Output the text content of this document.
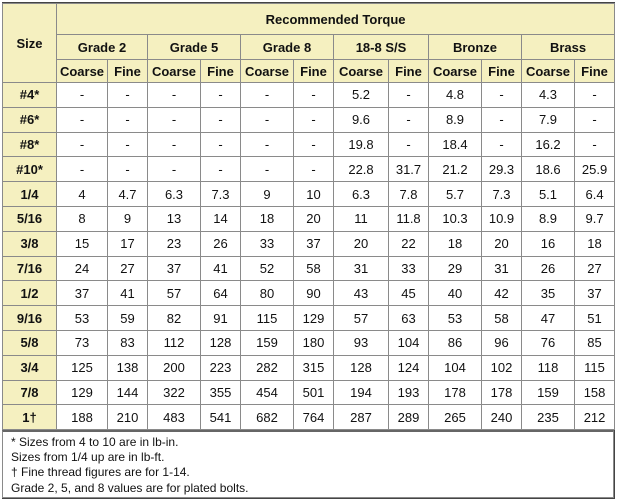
Size	Recommended Torque											
	Grade 2		Grade 5		Grade 8		18-8 S/S		Bronze		Brass	
	Coarse	Fine	Coarse	Fine	Coarse	Fine	Coarse	Fine	Coarse	Fine	Coarse	Fine
#4*	-	-	-	-	-	-	5.2	-	4.8	-	4.3	-
#6*	-	-	-	-	-	-	9.6	-	8.9	-	7.9	-
#8*	-	-	-	-	-	-	19.8	-	18.4	-	16.2	-
#10*	-	-	-	-	-	-	22.8	31.7	21.2	29.3	18.6	25.9
1/4	4	4.7	6.3	7.3	9	10	6.3	7.8	5.7	7.3	5.1	6.4
5/16	8	9	13	14	18	20	11	11.8	10.3	10.9	8.9	9.7
3/8	15	17	23	26	33	37	20	22	18	20	16	18
7/16	24	27	37	41	52	58	31	33	29	31	26	27
1/2	37	41	57	64	80	90	43	45	40	42	35	37
9/16	53	59	82	91	115	129	57	63	53	58	47	51
5/8	73	83	112	128	159	180	93	104	86	96	76	85
3/4	125	138	200	223	282	315	128	124	104	102	118	115
7/8	129	144	322	355	454	501	194	193	178	178	159	158
1†	188	210	483	541	682	764	287	289	265	240	235	212
* Sizes from 4 to 10 are in lb-in.
Sizes from 1/4 up are in lb-ft.
† Fine thread figures are for 1-14.
Grade 2, 5, and 8 values are for plated bolts.
